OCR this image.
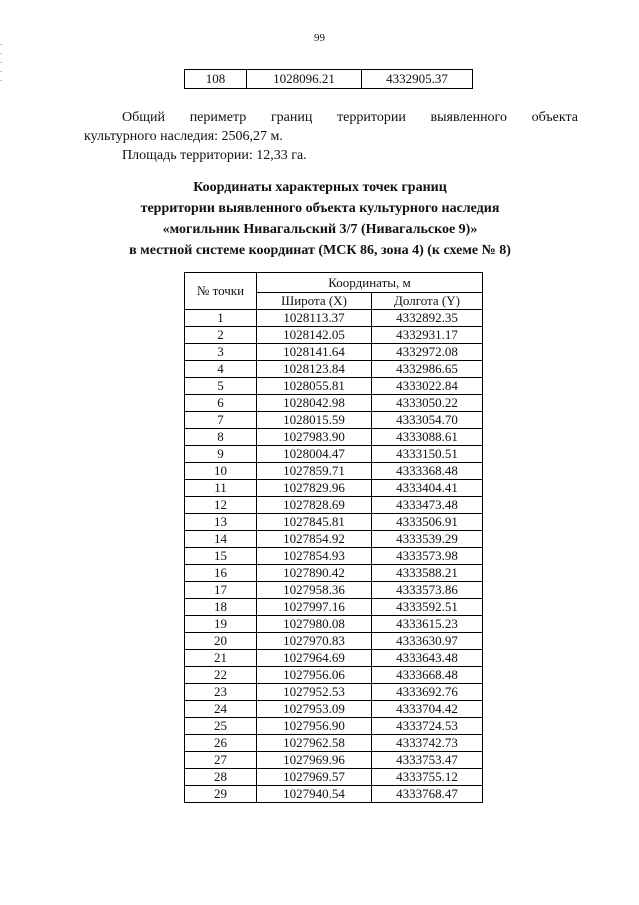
99
- - - - -	108	1028096.21	4332905.37

Общий периметр границ территории выявленного объекта

культурного наследия: 2506,27 м.

Площадь территории: 12,33 га.

Координаты характерных точек границ
территории выявленного объекта культурного наследия
«могильник Нивагальский 3/7 (Нивагальское 9)»
в местной системе координат (МСК 86, зона 4) (к схеме № 8)
№ точки	Координаты, м	
	Широта (X)	Долгота (Y)
1	1028113.37	4332892.35
2	1028142.05	4332931.17
3	1028141.64	4332972.08
4	1028123.84	4332986.65
5	1028055.81	4333022.84
6	1028042.98	4333050.22
7	1028015.59	4333054.70
8	1027983.90	4333088.61
9	1028004.47	4333150.51
10	1027859.71	4333368.48
11	1027829.96	4333404.41
12	1027828.69	4333473.48
13	1027845.81	4333506.91
14	1027854.92	4333539.29
15	1027854.93	4333573.98
16	1027890.42	4333588.21
17	1027958.36	4333573.86
18	1027997.16	4333592.51
19	1027980.08	4333615.23
20	1027970.83	4333630.97
21	1027964.69	4333643.48
22	1027956.06	4333668.48
23	1027952.53	4333692.76
24	1027953.09	4333704.42
25	1027956.90	4333724.53
26	1027962.58	4333742.73
27	1027969.96	4333753.47
28	1027969.57	4333755.12
29	1027940.54	4333768.47
